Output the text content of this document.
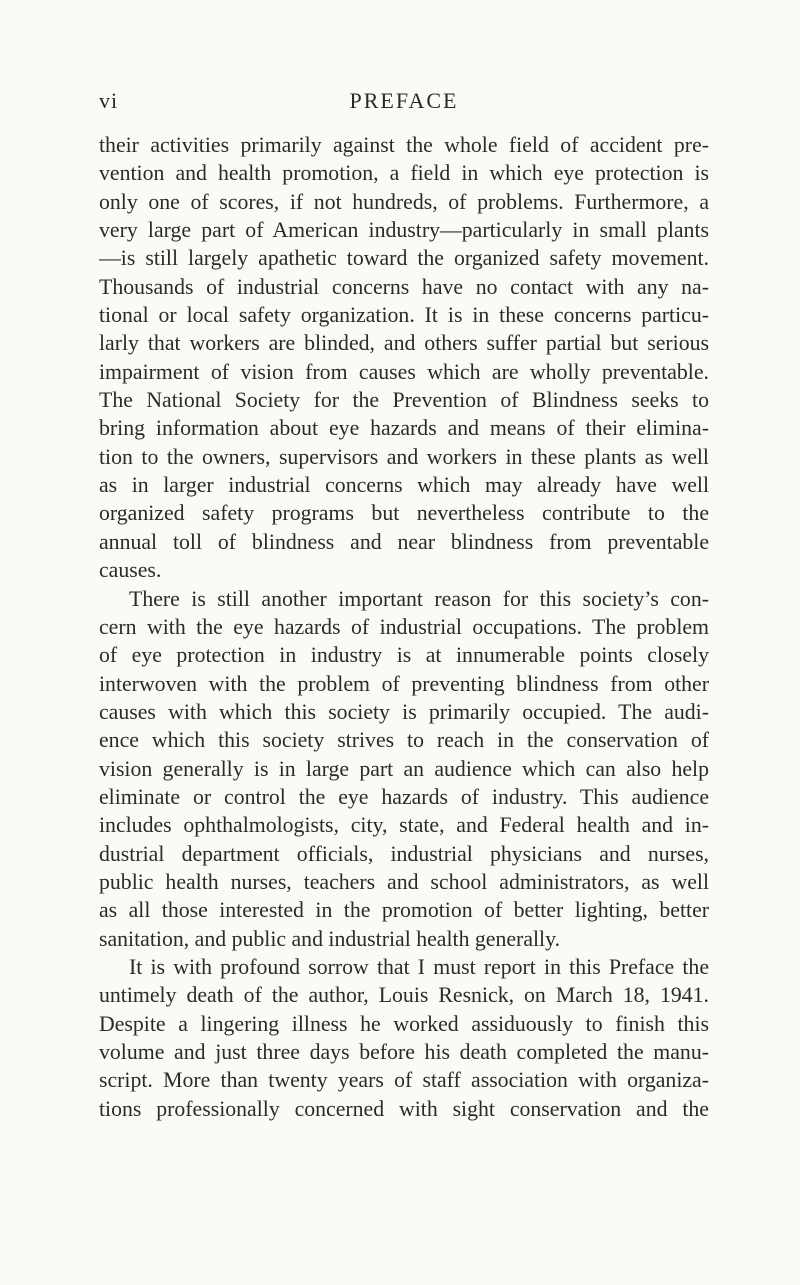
vi	PREFACE
their activities primarily against the whole field of accident pre-
vention and health promotion, a field in which eye protection is
only one of scores, if not hundreds, of problems. Furthermore, a
very large part of American industry—particularly in small plants
—is still largely apathetic toward the organized safety movement.
Thousands of industrial concerns have no contact with any na-
tional or local safety organization. It is in these concerns particu-
larly that workers are blinded, and others suffer partial but serious
impairment of vision from causes which are wholly preventable.
The National Society for the Prevention of Blindness seeks to
bring information about eye hazards and means of their elimina-
tion to the owners, supervisors and workers in these plants as well
as in larger industrial concerns which may already have well
organized safety programs but nevertheless contribute to the
annual toll of blindness and near blindness from preventable
causes.
There is still another important reason for this society’s con-
cern with the eye hazards of industrial occupations. The problem
of eye protection in industry is at innumerable points closely
interwoven with the problem of preventing blindness from other
causes with which this society is primarily occupied. The audi-
ence which this society strives to reach in the conservation of
vision generally is in large part an audience which can also help
eliminate or control the eye hazards of industry. This audience
includes ophthalmologists, city, state, and Federal health and in-
dustrial department officials, industrial physicians and nurses,
public health nurses, teachers and school administrators, as well
as all those interested in the promotion of better lighting, better
sanitation, and public and industrial health generally.
It is with profound sorrow that I must report in this Preface the
untimely death of the author, Louis Resnick, on March 18, 1941.
Despite a lingering illness he worked assiduously to finish this
volume and just three days before his death completed the manu-
script. More than twenty years of staff association with organiza-
tions professionally concerned with sight conservation and the
